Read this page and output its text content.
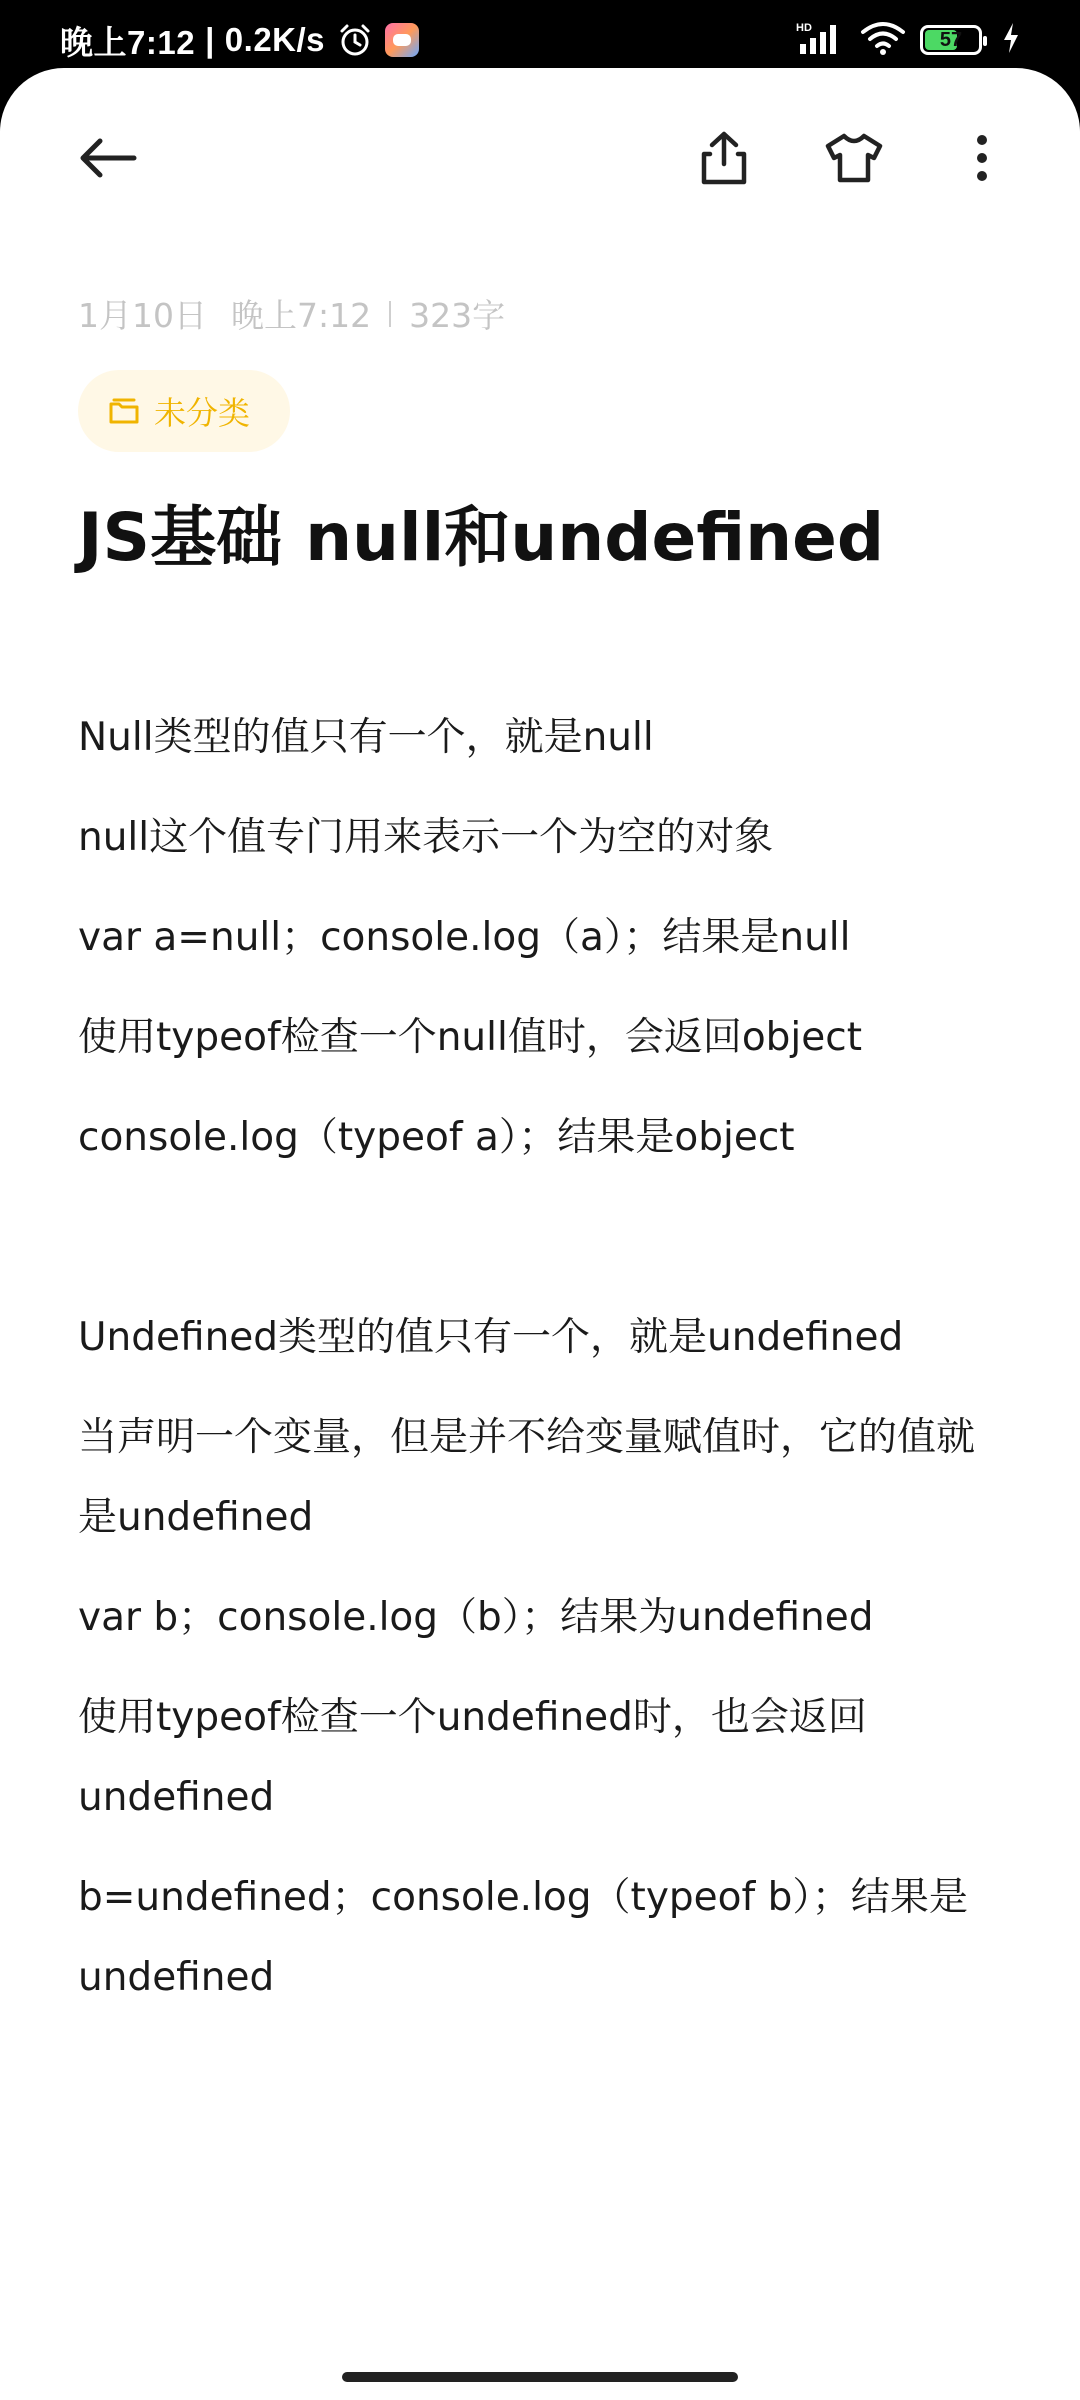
晚上7:12 | 0.2K/s	HD
57
1月10日 晚上7:12 323字
未分类
JS基础 null和undefined

Null类型的值只有一个，就是null

null这个值专门用来表示一个为空的对象

var a=null；console.log（a）；结果是null

使用typeof检查一个null值时，会返回object

console.log（typeof a）；结果是object

Undefined类型的值只有一个，就是undefined

当声明一个变量，但是并不给变量赋值时，它的值就是undefined

var b；console.log（b）；结果为undefined

使用typeof检查一个undefined时，也会返回undefined

b=undefined；console.log（typeof b）；结果是undefined
